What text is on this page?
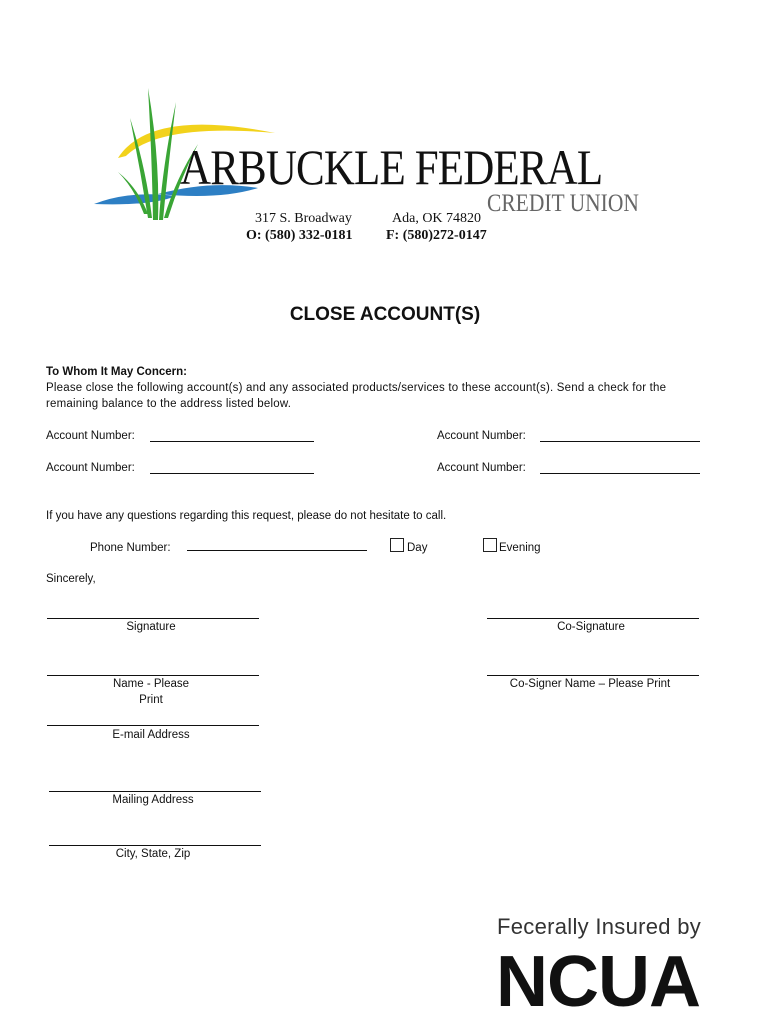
ARBUCKLE FEDERAL
CREDIT UNION
317 S. Broadway	Ada, OK 74820
O: (580) 332-0181 F: (580)272-0147
CLOSE ACCOUNT(S)
To Whom It May Concern:
Please close the following account(s) and any associated products/services to these account(s). Send a check for the remaining balance to the address listed below.
Account Number:	Account Number:
Account Number:	Account Number:
If you have any questions regarding this request, please do not hesitate to call.
Phone Number:	Day	Evening
Sincerely,
Signature	Co-Signature
Name - Please Print
Co-Signer Name – Please Print
E-mail Address
Mailing Address
City, State, Zip
Fecerally Insured by
NCUA
